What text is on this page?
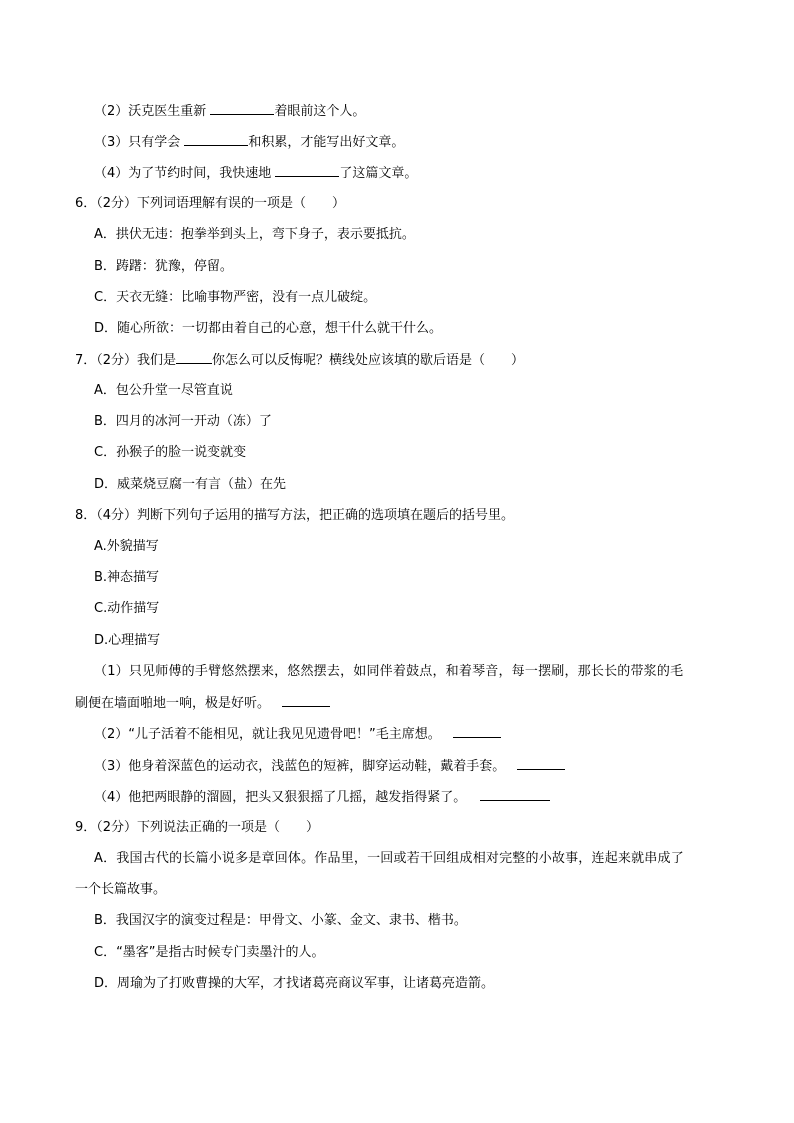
（2）沃克医生重新	着眼前这个人。
（3）只有学会	和积累，才能写出好文章。
（4）为了节约时间，我快速地	了这篇文章。
6．（2分）下列词语理解有误的一项是（　　）
A．拱伏无违：抱拳举到头上，弯下身子，表示要抵抗。
B．踌躇：犹豫，停留。
C．天衣无缝：比喻事物严密，没有一点儿破绽。
D．随心所欲：一切都由着自己的心意，想干什么就干什么。
7．（2分）我们是	你怎么可以反悔呢？横线处应该填的歇后语是（　　）
A．包公升堂一尽管直说
B．四月的冰河一开动（冻）了
C．孙猴子的脸一说变就变
D．威菜烧豆腐一有言（盐）在先
8．（4分）判断下列句子运用的描写方法，把正确的选项填在题后的括号里。
A.外貌描写
B.神态描写
C.动作描写
D.心理描写
（1）只见师傅的手臂悠然摆来，悠然摆去，如同伴着鼓点，和着琴音，每一摆刷，那长长的带浆的毛
刷便在墙面啪地一响，极是好听。
（2）“儿子活着不能相见，就让我见见遗骨吧！”毛主席想。
（3）他身着深蓝色的运动衣，浅蓝色的短裤，脚穿运动鞋，戴着手套。
（4）他把两眼静的溜圆，把头又狠狠摇了几摇，越发指得紧了。
9．（2分）下列说法正确的一项是（　　）
A．我国古代的长篇小说多是章回体。作品里，一回或若干回组成相对完整的小故事，连起来就串成了
一个长篇故事。
B．我国汉字的演变过程是：甲骨文、小篆、金文、隶书、楷书。
C．“墨客”是指古时候专门卖墨汁的人。
D．周瑜为了打败曹操的大军，才找诸葛亮商议军事，让诸葛亮造箭。
